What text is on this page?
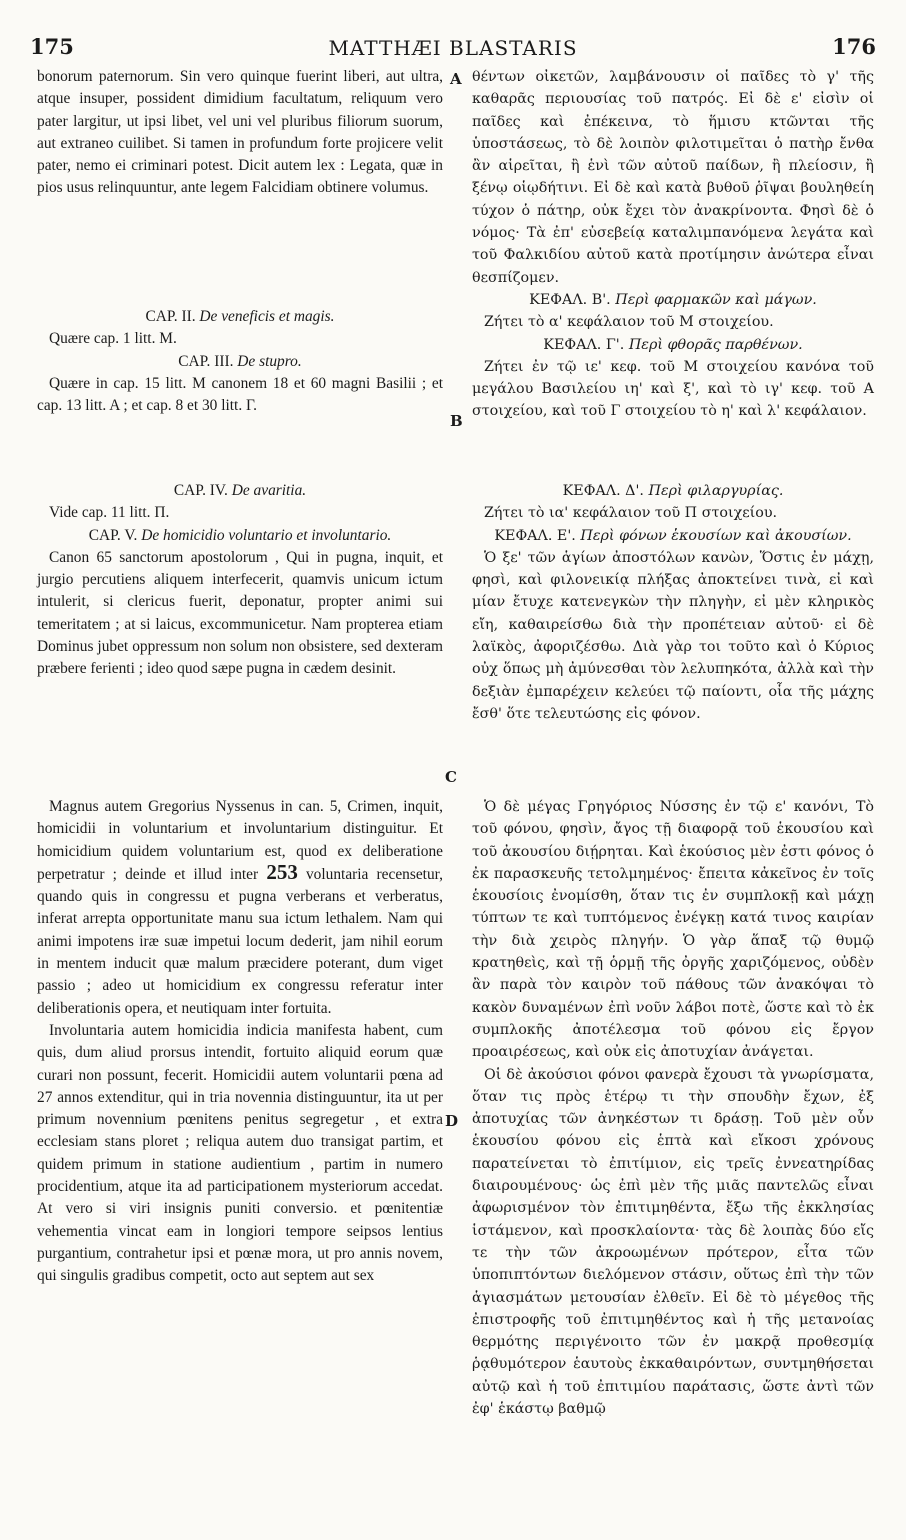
175	MATTHÆI BLASTARIS	176
A
B
C
D

bonorum paternorum. Sin vero quinque fuerint liberi, aut ultra, atque insuper, possident dimidium facultatum, reliquum vero pater largitur, ut ipsi libet, vel uni vel pluribus filiorum suorum, aut extraneo cuilibet. Si tamen in profundum forte projicere velit pater, nemo ei criminari potest. Dicit autem lex : Legata, quæ in pios usus relinquuntur, ante legem Falcidiam obtinere volumus.

CAP. II. De veneficis et magis.

Quære cap. 1 litt. M.

CAP. III. De stupro.

Quære in cap. 15 litt. M canonem 18 et 60 magni Basilii ; et cap. 13 litt. A ; et cap. 8 et 30 litt. Γ.

CAP. IV. De avaritia.

Vide cap. 11 litt. Π.

CAP. V. De homicidio voluntario et involuntario.

Canon 65 sanctorum apostolorum , Qui in pugna, inquit, et jurgio percutiens aliquem interfecerit, quamvis unicum ictum intulerit, si clericus fuerit, deponatur, propter animi sui temeritatem ; at si laicus, excommunicetur. Nam propterea etiam Dominus jubet oppressum non solum non obsistere, sed dexteram præbere ferienti ; ideo quod sæpe pugna in cædem desinit.

Magnus autem Gregorius Nyssenus in can. 5, Crimen, inquit, homicidii in voluntarium et involuntarium distinguitur. Et homicidium quidem voluntarium est, quod ex deliberatione perpetratur ; deinde et illud inter 253 voluntaria recensetur, quando quis in congressu et pugna verberans et verberatus, inferat arrepta opportunitate manu sua ictum lethalem. Nam qui animi impotens iræ suæ impetui locum dederit, jam nihil eorum in mentem inducit quæ malum præcidere poterant, dum viget passio ; adeo ut homicidium ex congressu referatur inter deliberationis opera, et neutiquam inter fortuita.

Involuntaria autem homicidia indicia manifesta habent, cum quis, dum aliud prorsus intendit, fortuito aliquid eorum quæ curari non possunt, fecerit. Homicidii autem voluntarii pœna ad 27 annos extenditur, qui in tria novennia distinguuntur, ita ut per primum novennium pœnitens penitus segregetur , et extra ecclesiam stans ploret ; reliqua autem duo transigat partim, et quidem primum in statione audientium , partim in numero procidentium, atque ita ad participationem mysteriorum accedat. At vero si viri insignis puniti conversio. et pœnitentiæ vehementia vincat eam in longiori tempore seipsos lentius purgantium, contrahetur ipsi et pœnæ mora, ut pro annis novem, qui singulis gradibus competit, octo aut septem aut sex

θέντων οἰκετῶν, λαμβάνουσιν οἱ παῖδες τὸ γ' τῆς καθαρᾶς περιουσίας τοῦ πατρός. Εἰ δὲ ε' εἰσὶν οἱ παῖδες καὶ ἐπέκεινα, τὸ ἥμισυ κτῶνται τῆς ὑποστάσεως, τὸ δὲ λοιπὸν φιλοτιμεῖται ὁ πατὴρ ἔνθα ἂν αἱρεῖται, ἢ ἑνὶ τῶν αὐτοῦ παίδων, ἢ πλείοσιν, ἢ ξένῳ οἱῳδήτινι. Εἰ δὲ καὶ κατὰ βυθοῦ ῥῖψαι βουληθείη τύχον ὁ πάτηρ, οὐκ ἔχει τὸν ἀνακρίνοντα. Φησὶ δὲ ὁ νόμος· Τὰ ἐπ' εὐσεβείᾳ καταλιμπανόμενα λεγάτα καὶ τοῦ Φαλκιδίου αὐτοῦ κατὰ προτίμησιν ἀνώτερα εἶναι θεσπίζομεν.

ΚΕΦΑΛ. Β'. Περὶ φαρμακῶν καὶ μάγων.

Ζήτει τὸ α' κεφάλαιον τοῦ Μ στοιχείου.

ΚΕΦΑΛ. Γ'. Περὶ φθορᾶς παρθένων.

Ζήτει ἐν τῷ ιε' κεφ. τοῦ Μ στοιχείου κανόνα τοῦ μεγάλου Βασιλείου ιη' καὶ ξ', καὶ τὸ ιγ' κεφ. τοῦ Α στοιχείου, καὶ τοῦ Γ στοιχείου τὸ η' καὶ λ' κεφάλαιον.

ΚΕΦΑΛ. Δ'. Περὶ φιλαργυρίας.

Ζήτει τὸ ια' κεφάλαιον τοῦ Π στοιχείου.

ΚΕΦΑΛ. Ε'. Περὶ φόνων ἑκουσίων καὶ ἀκουσίων.

Ὁ ξε' τῶν ἁγίων ἀποστόλων κανὼν, Ὅστις ἐν μάχῃ, φησὶ, καὶ φιλονεικίᾳ πλήξας ἀποκτείνει τινὰ, εἰ καὶ μίαν ἔτυχε κατενεγκὼν τὴν πληγὴν, εἰ μὲν κληρικὸς εἴη, καθαιρείσθω διὰ τὴν προπέτειαν αὐτοῦ· εἰ δὲ λαϊκὸς, ἀφοριζέσθω. Διὰ γὰρ τοι τοῦτο καὶ ὁ Κύριος οὐχ ὅπως μὴ ἀμύνεσθαι τὸν λελυπηκότα, ἀλλὰ καὶ τὴν δεξιὰν ἐμπαρέχειν κελεύει τῷ παίοντι, οἷα τῆς μάχης ἔσθ' ὅτε τελευτώσης εἰς φόνον.

Ὁ δὲ μέγας Γρηγόριος Νύσσης ἐν τῷ ε' κανόνι, Τὸ τοῦ φόνου, φησὶν, ἄγος τῇ διαφορᾷ τοῦ ἑκουσίου καὶ τοῦ ἀκουσίου διῄρηται. Καὶ ἑκούσιος μὲν ἐστι φόνος ὁ ἐκ παρασκευῆς τετολμημένος· ἔπειτα κἀκεῖνος ἐν τοῖς ἑκουσίοις ἐνομίσθη, ὅταν τις ἐν συμπλοκῇ καὶ μάχῃ τύπτων τε καὶ τυπτόμενος ἐνέγκῃ κατά τινος καιρίαν τὴν διὰ χειρὸς πληγήν. Ὁ γὰρ ἅπαξ τῷ θυμῷ κρατηθεὶς, καὶ τῇ ὁρμῇ τῆς ὀργῆς χαριζόμενος, οὐδὲν ἂν παρὰ τὸν καιρὸν τοῦ πάθους τῶν ἀνακόψαι τὸ κακὸν δυναμένων ἐπὶ νοῦν λάβοι ποτὲ, ὥστε καὶ τὸ ἐκ συμπλοκῆς ἀποτέλεσμα τοῦ φόνου εἰς ἔργον προαιρέσεως, καὶ οὐκ εἰς ἀποτυχίαν ἀνάγεται.

Οἱ δὲ ἀκούσιοι φόνοι φανερὰ ἔχουσι τὰ γνωρίσματα, ὅταν τις πρὸς ἑτέρῳ τι τὴν σπουδὴν ἔχων, ἐξ ἀποτυχίας τῶν ἀνηκέστων τι δράσῃ. Τοῦ μὲν οὖν ἑκουσίου φόνου εἰς ἑπτὰ καὶ εἴκοσι χρόνους παρατείνεται τὸ ἐπιτίμιον, εἰς τρεῖς ἐννεατηρίδας διαιρουμένους· ὡς ἐπὶ μὲν τῆς μιᾶς παντελῶς εἶναι ἀφωρισμένον τὸν ἐπιτιμηθέντα, ἔξω τῆς ἐκκλησίας ἱστάμενον, καὶ προσκλαίοντα· τὰς δὲ λοιπὰς δύο εἴς τε τὴν τῶν ἀκροωμένων πρότερον, εἶτα τῶν ὑποπιπτόντων διελόμενον στάσιν, οὕτως ἐπὶ τὴν τῶν ἁγιασμάτων μετουσίαν ἐλθεῖν. Εἰ δὲ τὸ μέγεθος τῆς ἐπιστροφῆς τοῦ ἐπιτιμηθέντος καὶ ἡ τῆς μετανοίας θερμότης περιγένοιτο τῶν ἐν μακρᾷ προθεσμίᾳ ῥᾳθυμότερον ἑαυτοὺς ἐκκαθαιρόντων, συντμηθήσεται αὐτῷ καὶ ἡ τοῦ ἐπιτιμίου παράτασις, ὥστε ἀντὶ τῶν ἐφ' ἑκάστῳ βαθμῷ
